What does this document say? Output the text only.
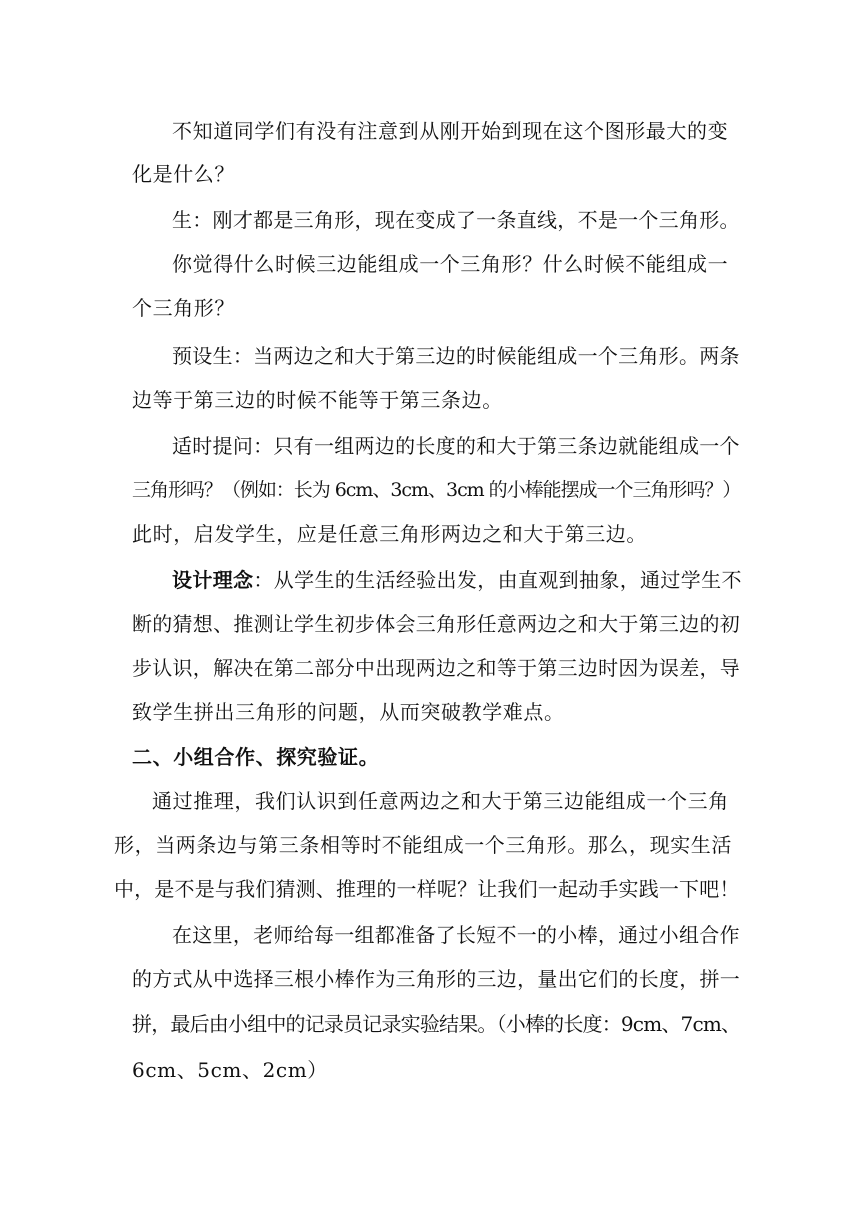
不知道同学们有没有注意到从刚开始到现在这个图形最大的变
化是什么？
生：刚才都是三角形，现在变成了一条直线，不是一个三角形。
你觉得什么时候三边能组成一个三角形？什么时候不能组成一
个三角形？
预设生：当两边之和大于第三边的时候能组成一个三角形。两条
边等于第三边的时候不能等于第三条边。
适时提问：只有一组两边的长度的和大于第三条边就能组成一个
三角形吗？（例如：长为 6cm、3cm、3cm 的小棒能摆成一个三角形吗？）
此时，启发学生，应是任意三角形两边之和大于第三边。
设计理念：从学生的生活经验出发，由直观到抽象，通过学生不
断的猜想、推测让学生初步体会三角形任意两边之和大于第三边的初
步认识，解决在第二部分中出现两边之和等于第三边时因为误差，导
致学生拼出三角形的问题，从而突破教学难点。
二、小组合作、探究验证。
通过推理，我们认识到任意两边之和大于第三边能组成一个三角
形，当两条边与第三条相等时不能组成一个三角形。那么，现实生活
中，是不是与我们猜测、推理的一样呢？让我们一起动手实践一下吧！
在这里，老师给每一组都准备了长短不一的小棒，通过小组合作
的方式从中选择三根小棒作为三角形的三边，量出它们的长度，拼一
拼，最后由小组中的记录员记录实验结果。（小棒的长度：9cm、7cm、
6cm、5cm、2cm）
